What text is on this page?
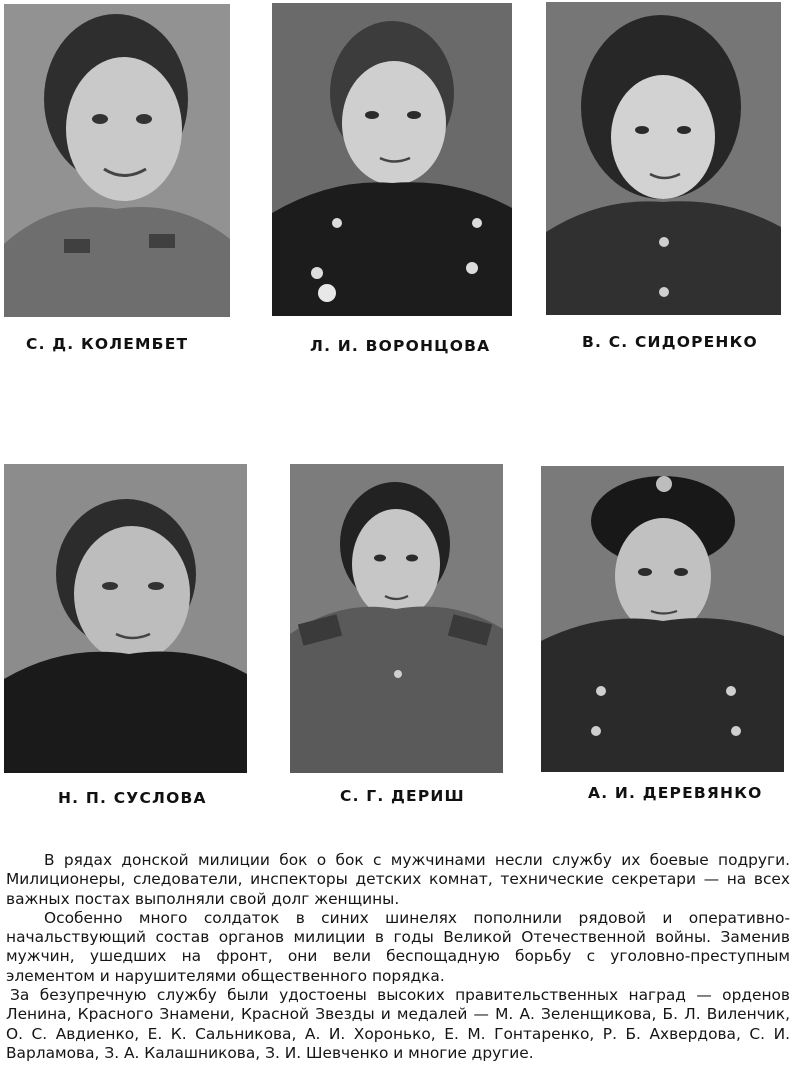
С. Д. КОЛЕМБЕТ	Л. И. ВОРОНЦОВА	В. С. СИДОРЕНКО
Н. П. СУСЛОВА	С. Г. ДЕРИШ	А. И. ДЕРЕВЯНКО

В рядах донской милиции бок о бок с мужчинами несли службу их боевые подруги. Милиционеры, следователи, инспекторы детских комнат, технические секретари — на всех важных постах выполняли свой долг женщины.

Особенно много солдаток в синих шинелях пополнили рядовой и оперативно-начальствующий состав органов милиции в годы Великой Отечественной войны. Заменив мужчин, ушедших на фронт, они вели беспощадную борьбу с уголовно-преступным элементом и нарушителями общественного порядка.

За безупречную службу были удостоены высоких правительственных наград — орденов Ленина, Красного Знамени, Красной Звезды и медалей — М. А. Зеленщикова, Б. Л. Виленчик, О. С. Авдиенко, Е. К. Сальникова, А. И. Хоронько, Е. М. Гонтаренко, Р. Б. Ахвердова, С. И. Варламова, З. А. Калашникова, З. И. Шевченко и многие другие.
